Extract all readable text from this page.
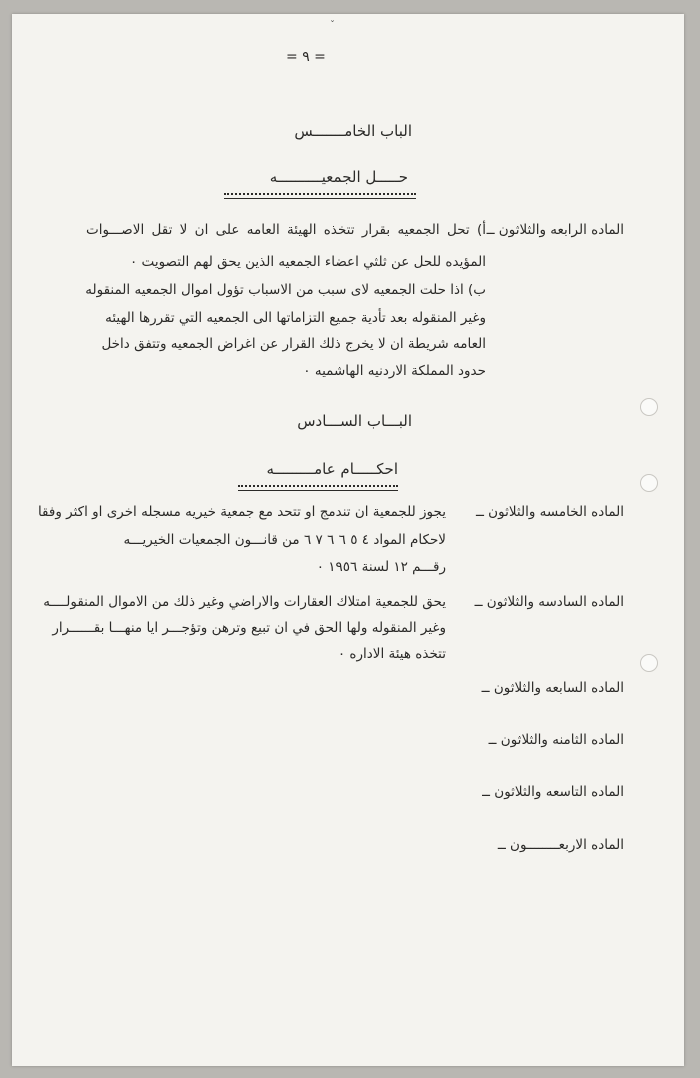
ˇ
= ٩ =
الباب الخامـــــــس
حـــــل الجمعيــــــــــه
الماده الرابعه والثلاثون ــ
أ) تحل الجمعيه بقرار تتخذه الهيئة العامه على ان لا تقل الاصـــوات
المؤيده للحل عن ثلثي اعضاء الجمعيه الذين يحق لهم التصويت ٠
ب) اذا حلت الجمعيه لاى سبب من الاسباب تؤول اموال الجمعيه المنقوله
وغير المنقوله بعد تأدية جميع التزاماتها الى الجمعيه التي تقررها الهيئه
العامه شريطة ان لا يخرج ذلك القرار عن اغراض الجمعيه وتتفق داخل
حدود المملكة الاردنيه الهاشميه ٠
البـــاب الســـادس
احكـــــام عامـــــــــه
الماده الخامسه والثلاثون ــ
يجوز للجمعية ان تندمج او تتحد مع جمعية خيريه مسجله اخرى او اكثر وفقا
لاحكام المواد ٤ ٥ ٦ ٦ ٧ ٦ من قانـــون الجمعيات الخيريـــه
رقـــم ١٢ لسنة ١٩٥٦ ٠
الماده السادسه والثلاثون ــ
يحق للجمعية امتلاك العقارات والاراضي وغير ذلك من الاموال المنقولــــه
وغير المنقوله ولها الحق في ان تبيع وترهن وتؤجـــر ايا منهـــا بقــــــرار
تتخذه هيئة الاداره ٠
الماده السابعه والثلاثون ــ
الماده الثامنه والثلاثون ــ
الماده التاسعه والثلاثون ــ
الماده الاربعــــــــون ــ
